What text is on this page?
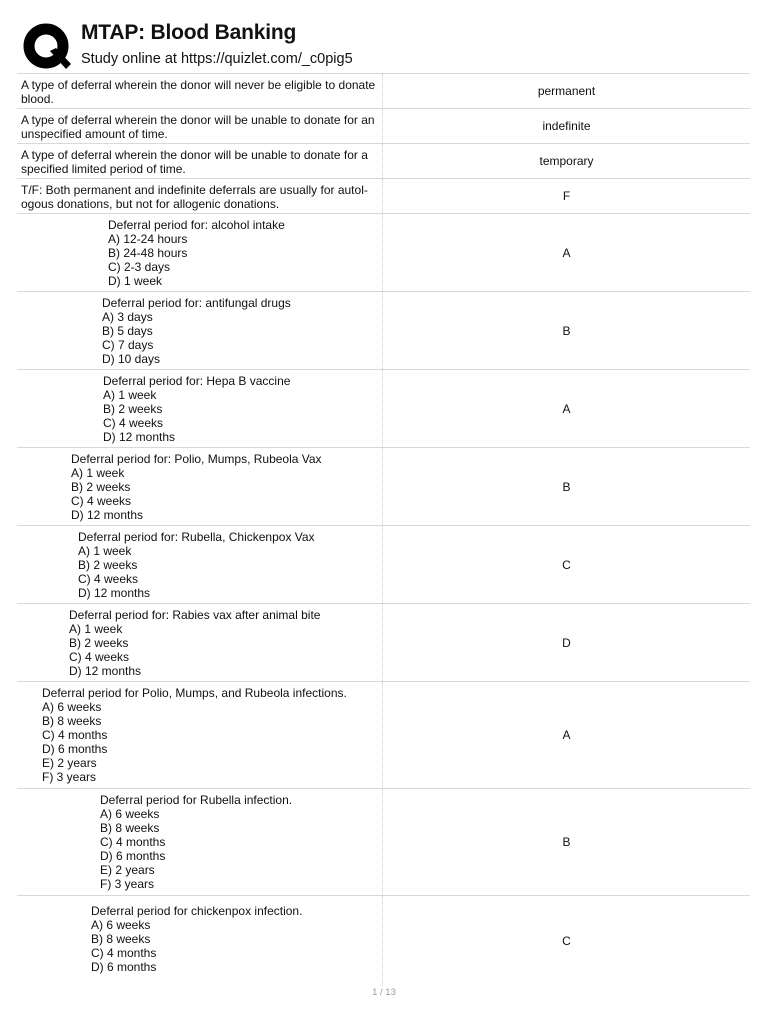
MTAP: Blood Banking
Study online at https://quizlet.com/_c0pig5
A type of deferral wherein the donor will never be eligible to donate blood.
permanent
A type of deferral wherein the donor will be unable to donate for an unspecified amount of time.
indefinite
A type of deferral wherein the donor will be unable to donate for a specified limited period of time.
temporary
T/F: Both permanent and indefinite deferrals are usually for autol-ogous donations, but not for allogenic donations.
F
Deferral period for: alcohol intake
A) 12-24 hours
B) 24-48 hours
C) 2-3 days
D) 1 week
A
Deferral period for: antifungal drugs
A) 3 days
B) 5 days
C) 7 days
D) 10 days
B
Deferral period for: Hepa B vaccine
A) 1 week
B) 2 weeks
C) 4 weeks
D) 12 months
A
Deferral period for: Polio, Mumps, Rubeola Vax
A) 1 week
B) 2 weeks
C) 4 weeks
D) 12 months
B
Deferral period for: Rubella, Chickenpox Vax
A) 1 week
B) 2 weeks
C) 4 weeks
D) 12 months
C
Deferral period for: Rabies vax after animal bite
A) 1 week
B) 2 weeks
C) 4 weeks
D) 12 months
D
Deferral period for Polio, Mumps, and Rubeola infections.
A) 6 weeks
B) 8 weeks
C) 4 months
D) 6 months
E) 2 years
F) 3 years
A
Deferral period for Rubella infection.
A) 6 weeks
B) 8 weeks
C) 4 months
D) 6 months
E) 2 years
F) 3 years
B
Deferral period for chickenpox infection.
A) 6 weeks
B) 8 weeks
C) 4 months
D) 6 months
C
1 / 13
